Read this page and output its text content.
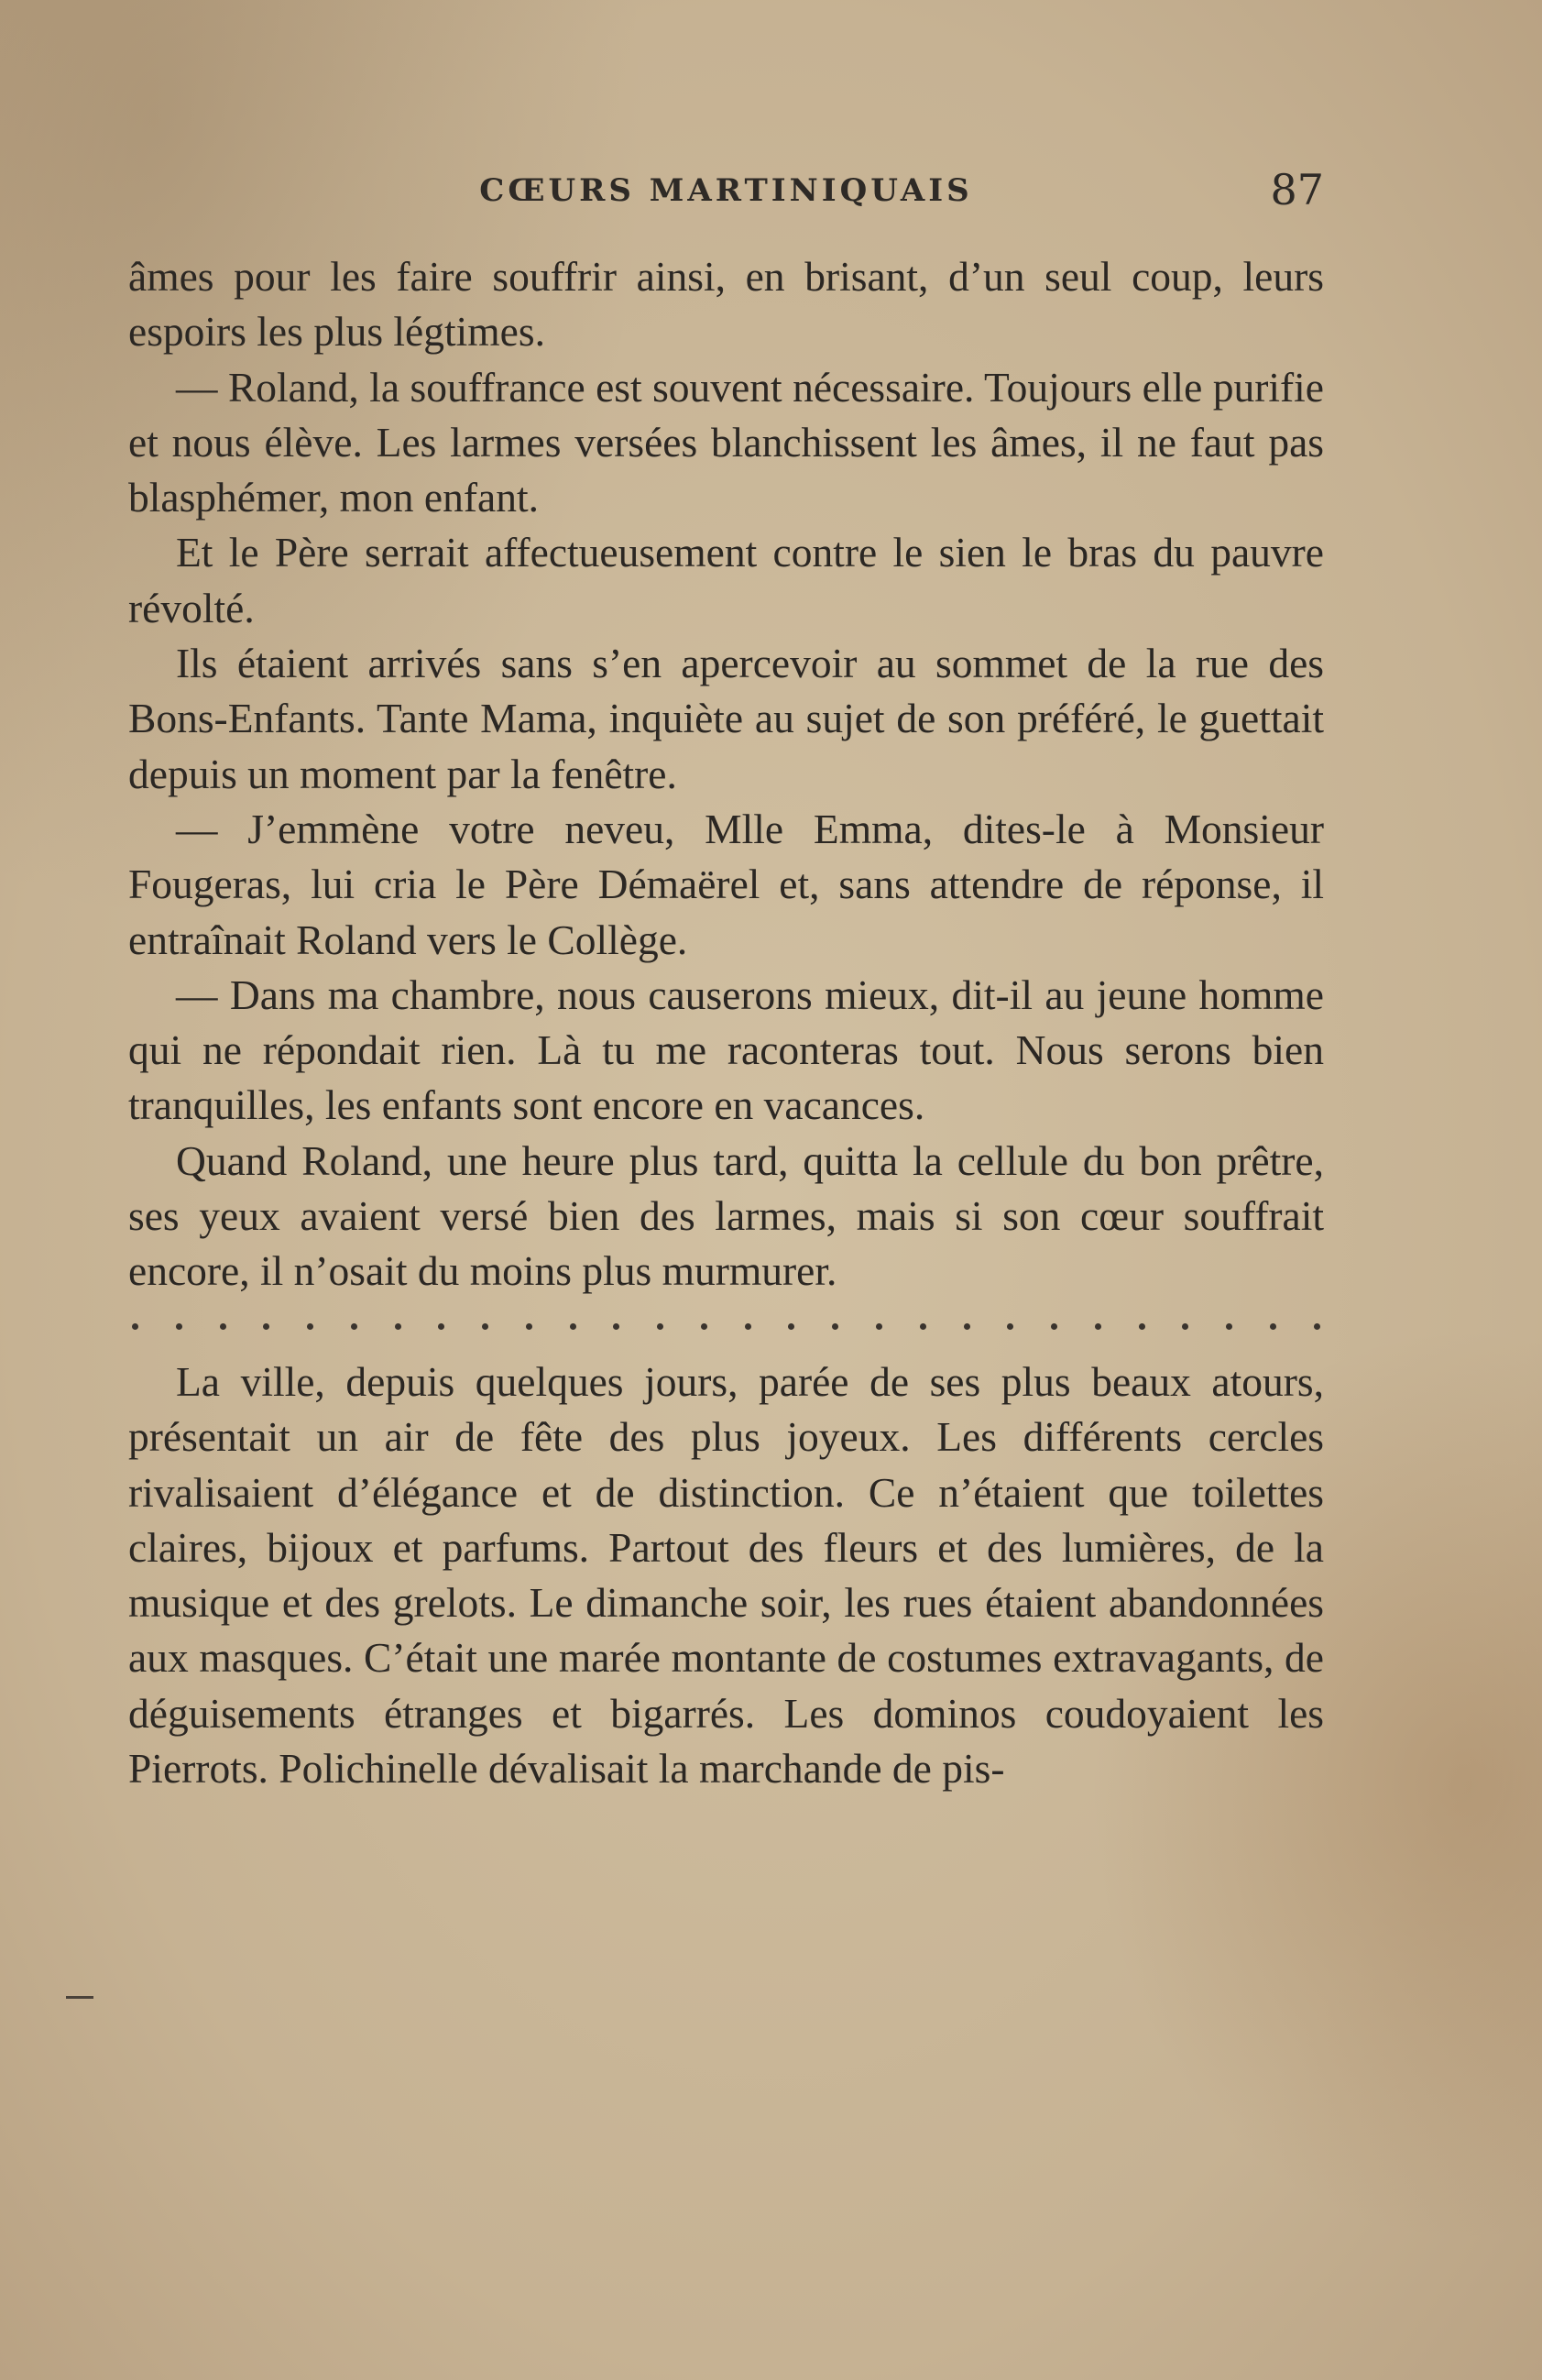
CŒURS MARTINIQUAIS	87

âmes pour les faire souffrir ainsi, en brisant, d’un seul coup, leurs espoirs les plus légtimes.

— Roland, la souffrance est souvent nécessaire. Toujours elle purifie et nous élève. Les larmes versées blanchissent les âmes, il ne faut pas blasphémer, mon enfant.

Et le Père serrait affectueusement contre le sien le bras du pauvre révolté.

Ils étaient arrivés sans s’en apercevoir au sommet de la rue des Bons-Enfants. Tante Mama, inquiète au sujet de son préféré, le guettait depuis un moment par la fenêtre.

— J’emmène votre neveu, Mlle Emma, dites-le à Monsieur Fougeras, lui cria le Père Démaërel et, sans attendre de réponse, il entraînait Roland vers le Collège.

— Dans ma chambre, nous causerons mieux, dit-il au jeune homme qui ne répondait rien. Là tu me raconteras tout. Nous serons bien tranquilles, les enfants sont encore en vacances.

Quand Roland, une heure plus tard, quitta la cellule du bon prêtre, ses yeux avaient versé bien des larmes, mais si son cœur souffrait encore, il n’osait du moins plus murmurer.

La ville, depuis quelques jours, parée de ses plus beaux atours, présentait un air de fête des plus joyeux. Les différents cercles rivalisaient d’élégance et de distinction. Ce n’étaient que toilettes claires, bijoux et parfums. Partout des fleurs et des lumières, de la musique et des grelots. Le dimanche soir, les rues étaient abandonnées aux masques. C’était une marée montante de costumes extravagants, de déguisements étranges et bigarrés. Les dominos coudoyaient les Pierrots. Polichinelle dévalisait la marchande de pis-
